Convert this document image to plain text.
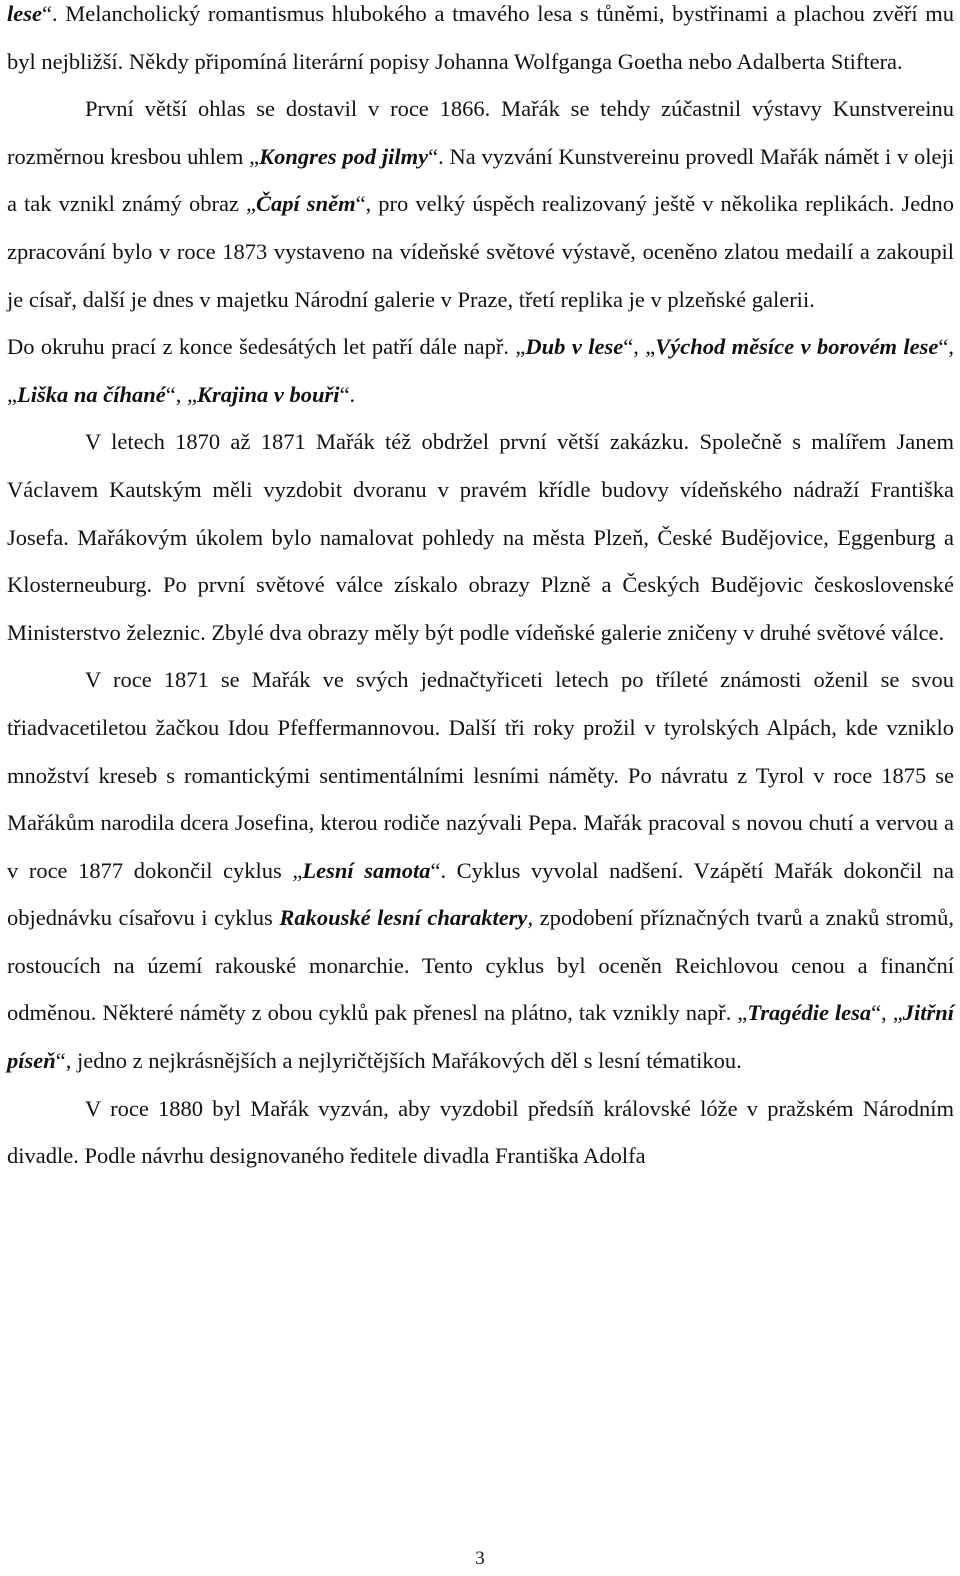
lese“. Melancholický romantismus hlubokého a tmavého lesa s tůněmi, bystřinami a plachou zvěří mu byl nejbližší. Někdy připomíná literární popisy Johanna Wolfganga Goetha nebo Adalberta Stiftera.

První větší ohlas se dostavil v roce 1866. Mařák se tehdy zúčastnil výstavy Kunstvereinu rozměrnou kresbou uhlem „Kongres pod jilmy“. Na vyzvání Kunstvereinu provedl Mařák námět i v oleji a tak vznikl známý obraz „Čapí sněm“, pro velký úspěch realizovaný ještě v několika replikách. Jedno zpracování bylo v roce 1873 vystaveno na vídeňské světové výstavě, oceněno zlatou medailí a zakoupil je císař, další je dnes v majetku Národní galerie v Praze, třetí replika je v plzeňské galerii.

Do okruhu prací z konce šedesátých let patří dále např. „Dub v lese“, „Východ měsíce v borovém lese“, „Liška na číhané“, „Krajina v bouři“.

V letech 1870 až 1871 Mařák též obdržel první větší zakázku. Společně s malířem Janem Václavem Kautským měli vyzdobit dvoranu v pravém křídle budovy vídeňského nádraží Františka Josefa. Mařákovým úkolem bylo namalovat pohledy na města Plzeň, České Budějovice, Eggenburg a Klosterneuburg. Po první světové válce získalo obrazy Plzně a Českých Budějovic československé Ministerstvo železnic. Zbylé dva obrazy měly být podle vídeňské galerie zničeny v druhé světové válce.

V roce 1871 se Mařák ve svých jednačtyřiceti letech po tříleté známosti oženil se svou třiadvacetiletou žačkou Idou Pfeffermannovou. Další tři roky prožil v tyrolských Alpách, kde vzniklo množství kreseb s romantickými sentimentálními lesními náměty. Po návratu z Tyrol v roce 1875 se Mařákům narodila dcera Josefina, kterou rodiče nazývali Pepa. Mařák pracoval s novou chutí a vervou a v roce 1877 dokončil cyklus „Lesní samota“. Cyklus vyvolal nadšení. Vzápětí Mařák dokončil na objednávku císařovu i cyklus Rakouské lesní charaktery, zpodobení příznačných tvarů a znaků stromů, rostoucích na území rakouské monarchie. Tento cyklus byl oceněn Reichlovou cenou a finanční odměnou. Některé náměty z obou cyklů pak přenesl na plátno, tak vznikly např. „Tragédie lesa“, „Jitřní píseň“, jedno z nejkrásnějších a nejlyričtějších Mařákových děl s lesní tématikou.

V roce 1880 byl Mařák vyzván, aby vyzdobil předsíň královské lóže v pražském Národním divadle. Podle návrhu designovaného ředitele divadla Františka Adolfa

3
